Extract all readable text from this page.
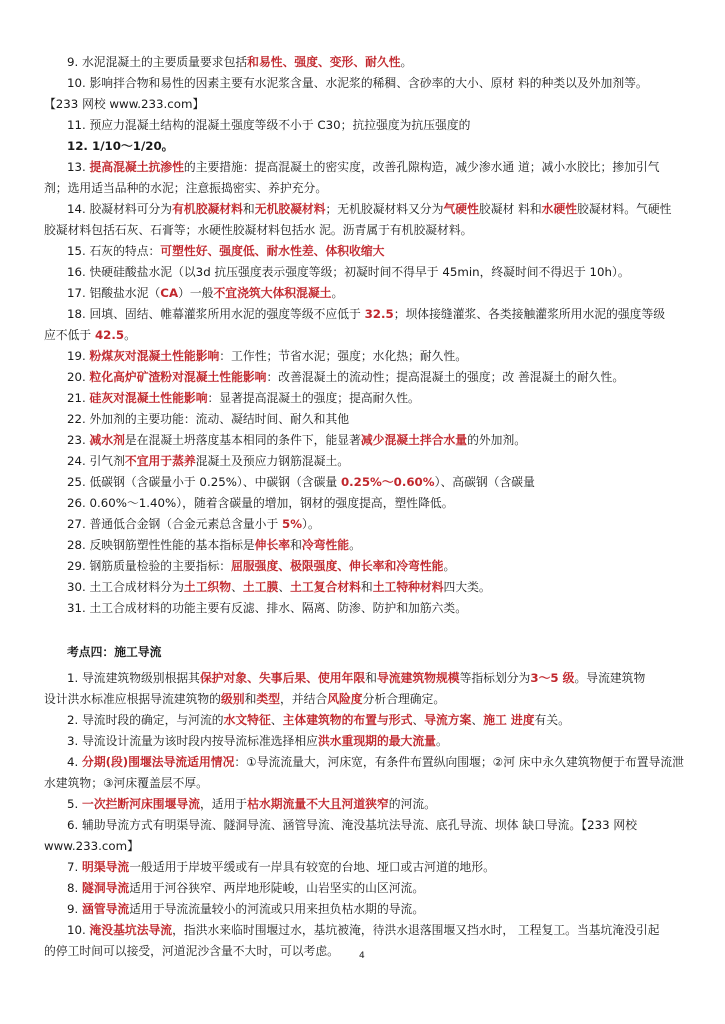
9. 水泥混凝土的主要质量要求包括和易性、强度、变形、耐久性。
10. 影响拌合物和易性的因素主要有水泥浆含量、水泥浆的稀稠、含砂率的大小、原材 料的种类以及外加剂等。
【233 网校 www.233.com】
11. 预应力混凝土结构的混凝土强度等级不小于 C30；抗拉强度为抗压强度的
12. 1/10～1/20。
13. 提高混凝土抗渗性的主要措施：提高混凝土的密实度，改善孔隙构造，减少渗水通 道；减小水胶比；掺加引气
剂；选用适当品种的水泥；注意振捣密实、养护充分。
14. 胶凝材料可分为有机胶凝材料和无机胶凝材料；无机胶凝材料又分为气硬性胶凝材 料和水硬性胶凝材料。气硬性
胶凝材料包括石灰、石膏等；水硬性胶凝材料包括水 泥。沥青属于有机胶凝材料。
15. 石灰的特点：可塑性好、强度低、耐水性差、体积收缩大
16. 快硬硅酸盐水泥（以3d 抗压强度表示强度等级；初凝时间不得早于 45min，终凝时间不得迟于 10h）。
17. 铝酸盐水泥（CA）一般不宜浇筑大体积混凝土。
18. 回填、固结、帷幕灌浆所用水泥的强度等级不应低于 32.5；坝体接缝灌浆、各类接触灌浆所用水泥的强度等级
应不低于 42.5。
19. 粉煤灰对混凝土性能影响：工作性；节省水泥；强度；水化热；耐久性。
20. 粒化高炉矿渣粉对混凝土性能影响：改善混凝土的流动性；提高混凝土的强度；改 善混凝土的耐久性。
21. 硅灰对混凝土性能影响：显著提高混凝土的强度；提高耐久性。
22. 外加剂的主要功能：流动、凝结时间、耐久和其他
23. 减水剂是在混凝土坍落度基本相同的条件下，能显著减少混凝土拌合水量的外加剂。
24. 引气剂不宜用于蒸养混凝土及预应力钢筋混凝土。
25. 低碳钢（含碳量小于 0.25%）、中碳钢（含碳量 0.25%～0.60%）、高碳钢（含碳量
26. 0.60%～1.40%），随着含碳量的增加，钢材的强度提高，塑性降低。
27. 普通低合金钢（合金元素总含量小于 5%）。
28. 反映钢筋塑性性能的基本指标是伸长率和冷弯性能。
29. 钢筋质量检验的主要指标：屈服强度、极限强度、伸长率和冷弯性能。
30. 土工合成材料分为土工织物、土工膜、土工复合材料和土工特种材料四大类。
31. 土工合成材料的功能主要有反滤、排水、隔离、防渗、防护和加筋六类。
考点四：施工导流
1. 导流建筑物级别根据其保护对象、失事后果、使用年限和导流建筑物规模等指标划分为3～5 级。导流建筑物
设计洪水标准应根据导流建筑物的级别和类型，并结合风险度分析合理确定。
2. 导流时段的确定，与河流的水文特征、主体建筑物的布置与形式、导流方案、施工 进度有关。
3. 导流设计流量为该时段内按导流标准选择相应洪水重现期的最大流量。
4. 分期(段)围堰法导流适用情况：①导流流量大，河床宽，有条件布置纵向围堰；②河 床中永久建筑物便于布置导流泄
水建筑物；③河床覆盖层不厚。
5. 一次拦断河床围堰导流，适用于枯水期流量不大且河道狭窄的河流。
6. 辅助导流方式有明渠导流、隧洞导流、涵管导流、淹没基坑法导流、底孔导流、坝体 缺口导流。【233 网校
www.233.com】
7. 明渠导流一般适用于岸坡平缓或有一岸具有较宽的台地、垭口或古河道的地形。
8. 隧洞导流适用于河谷狭窄、两岸地形陡峻，山岩坚实的山区河流。
9. 涵管导流适用于导流流量较小的河流或只用来担负枯水期的导流。
10. 淹没基坑法导流，指洪水来临时围堰过水，基坑被淹，待洪水退落围堰又挡水时， 工程复工。当基坑淹没引起
的停工时间可以接受，河道泥沙含量不大时，可以考虑。	4
